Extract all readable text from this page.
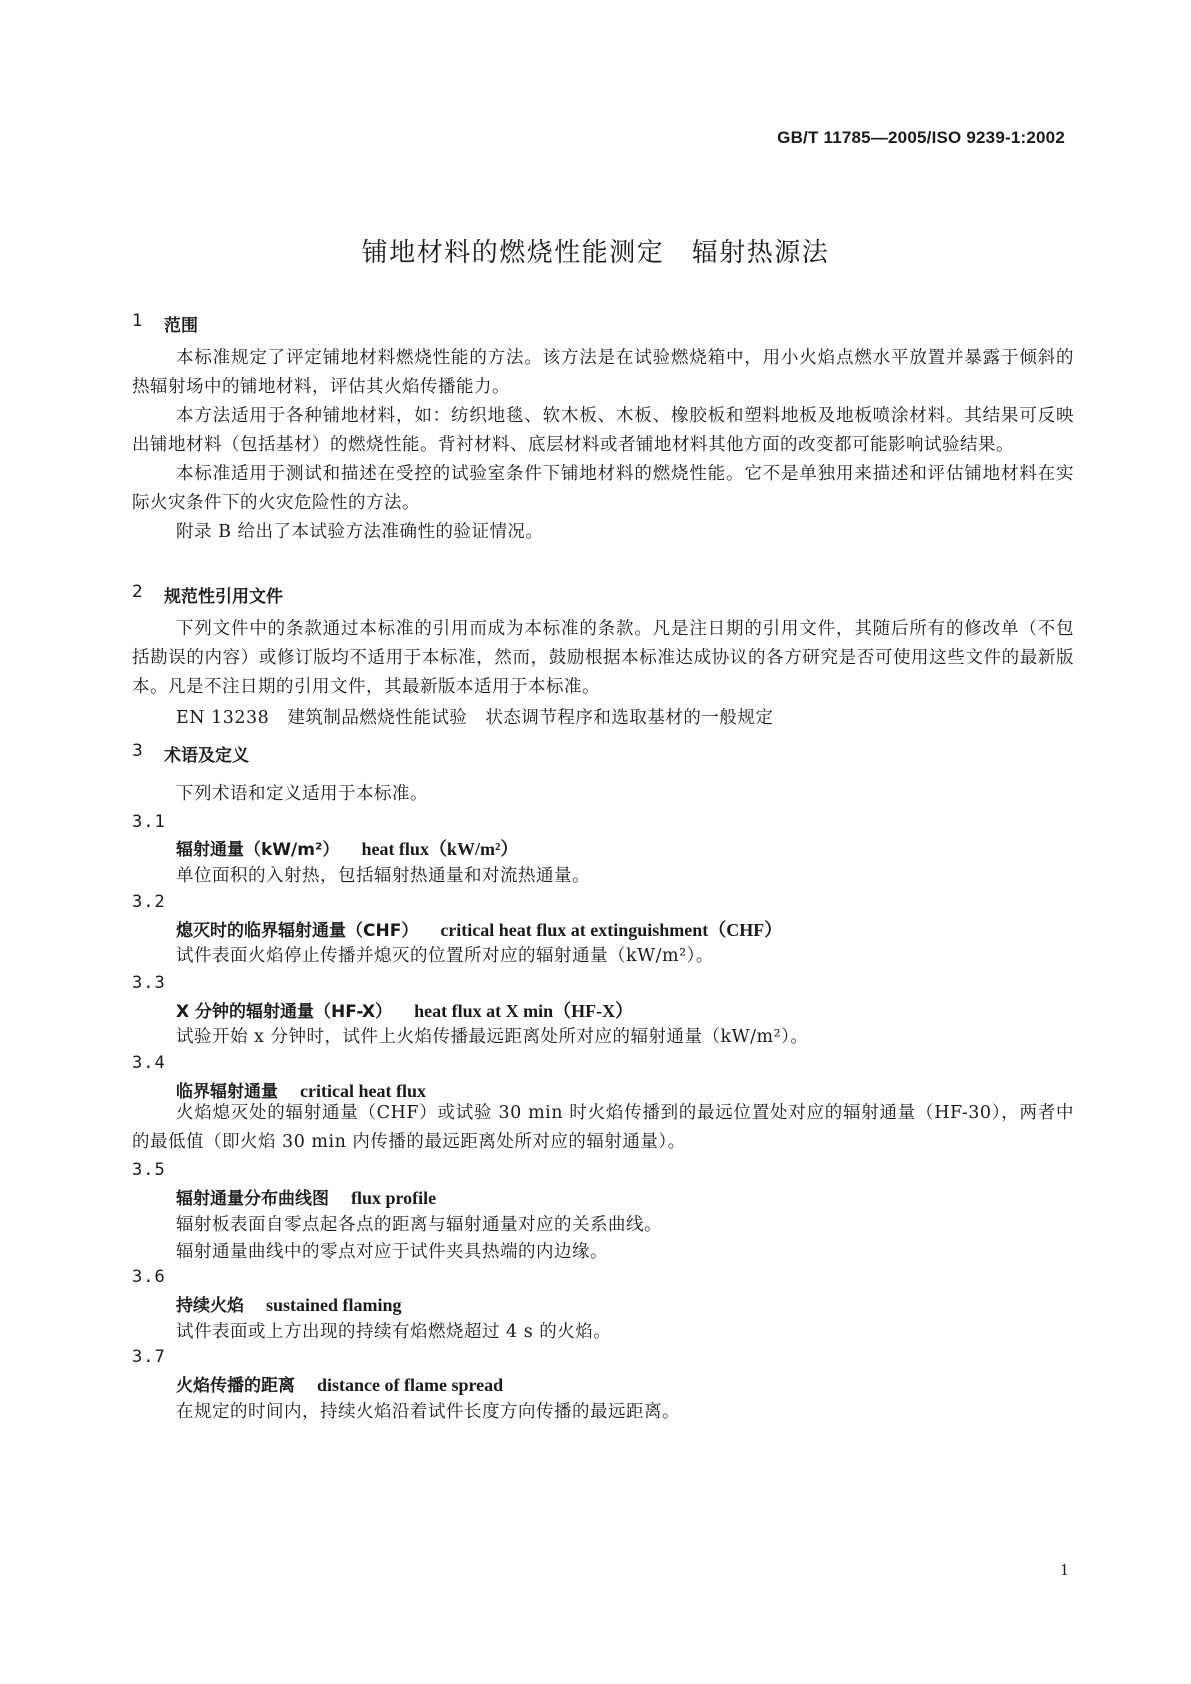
GB/T 11785—2005/ISO 9239-1:2002
铺地材料的燃烧性能测定　辐射热源法
1 范围

本标准规定了评定铺地材料燃烧性能的方法。该方法是在试验燃烧箱中，用小火焰点燃水平放置并暴露于倾斜的热辐射场中的铺地材料，评估其火焰传播能力。

本方法适用于各种铺地材料，如：纺织地毯、软木板、木板、橡胶板和塑料地板及地板喷涂材料。其结果可反映出铺地材料（包括基材）的燃烧性能。背衬材料、底层材料或者铺地材料其他方面的改变都可能影响试验结果。

本标准适用于测试和描述在受控的试验室条件下铺地材料的燃烧性能。它不是单独用来描述和评估铺地材料在实际火灾条件下的火灾危险性的方法。

附录 B 给出了本试验方法准确性的验证情况。

2 规范性引用文件

下列文件中的条款通过本标准的引用而成为本标准的条款。凡是注日期的引用文件，其随后所有的修改单（不包括勘误的内容）或修订版均不适用于本标准，然而，鼓励根据本标准达成协议的各方研究是否可使用这些文件的最新版本。凡是不注日期的引用文件，其最新版本适用于本标准。

EN 13238　建筑制品燃烧性能试验　状态调节程序和选取基材的一般规定
3 术语及定义
下列术语和定义适用于本标准。
3.1
辐射通量（kW/m²） heat flux（kW/m²）
单位面积的入射热，包括辐射热通量和对流热通量。
3.2
熄灭时的临界辐射通量（CHF） critical heat flux at extinguishment（CHF）
试件表面火焰停止传播并熄灭的位置所对应的辐射通量（kW/m²）。
3.3
X 分钟的辐射通量（HF-X） heat flux at X min（HF-X）
试验开始 x 分钟时，试件上火焰传播最远距离处所对应的辐射通量（kW/m²）。
3.4
临界辐射通量 critical heat flux

火焰熄灭处的辐射通量（CHF）或试验 30 min 时火焰传播到的最远位置处对应的辐射通量（HF-30），两者中的最低值（即火焰 30 min 内传播的最远距离处所对应的辐射通量）。

3.5
辐射通量分布曲线图 flux profile
辐射板表面自零点起各点的距离与辐射通量对应的关系曲线。
辐射通量曲线中的零点对应于试件夹具热端的内边缘。
3.6
持续火焰 sustained flaming
试件表面或上方出现的持续有焰燃烧超过 4 s 的火焰。
3.7
火焰传播的距离 distance of flame spread
在规定的时间内，持续火焰沿着试件长度方向传播的最远距离。
1
